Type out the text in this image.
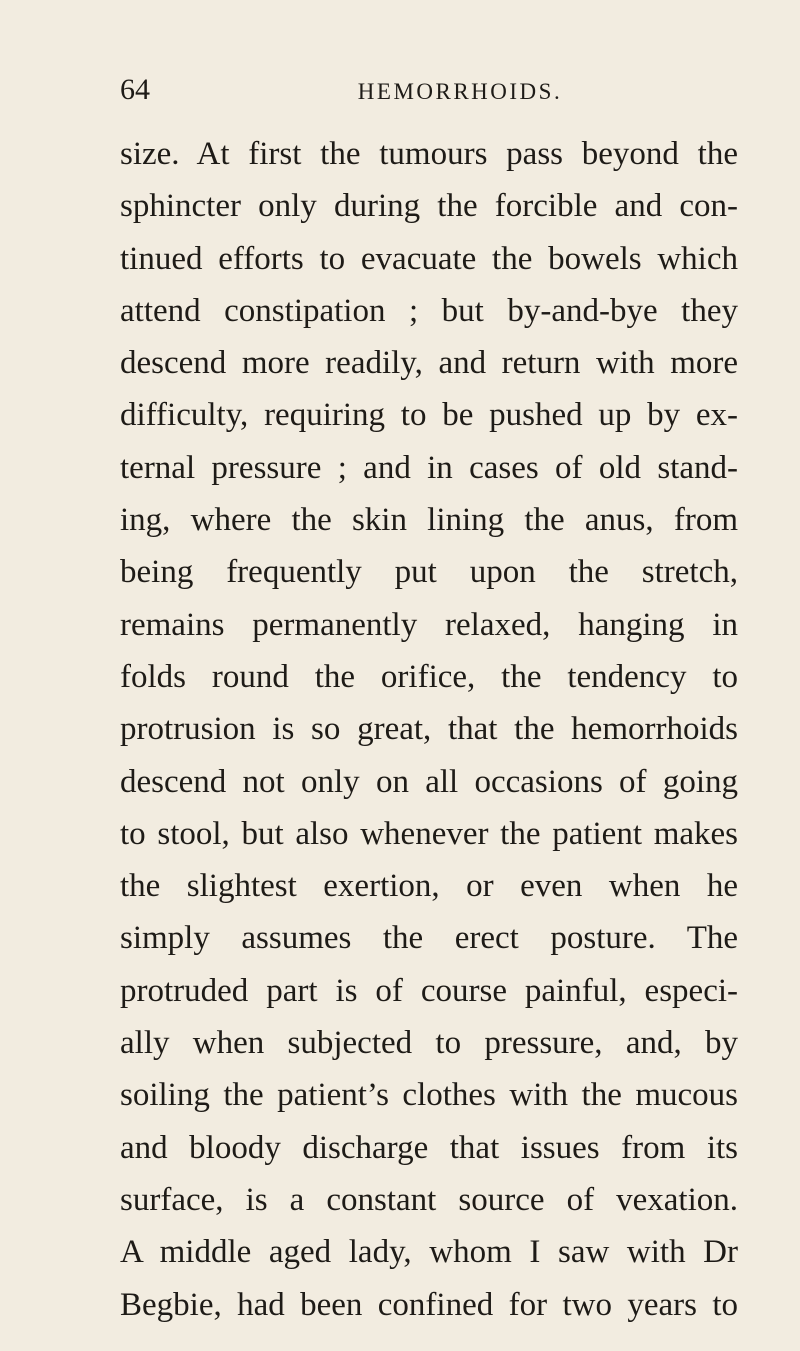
64	HEMORRHOIDS.
size. At first the tumours pass beyond the
sphincter only during the forcible and con-
tinued efforts to evacuate the bowels which
attend constipation ; but by-and-bye they
descend more readily, and return with more
difficulty, requiring to be pushed up by ex-
ternal pressure ; and in cases of old stand-
ing, where the skin lining the anus, from
being frequently put upon the stretch,
remains permanently relaxed, hanging in
folds round the orifice, the tendency to
protrusion is so great, that the hemorrhoids
descend not only on all occasions of going
to stool, but also whenever the patient makes
the slightest exertion, or even when he
simply assumes the erect posture. The
protruded part is of course painful, especi-
ally when subjected to pressure, and, by
soiling the patient’s clothes with the mucous
and bloody discharge that issues from its
surface, is a constant source of vexation.
A middle aged lady, whom I saw with Dr
Begbie, had been confined for two years to
